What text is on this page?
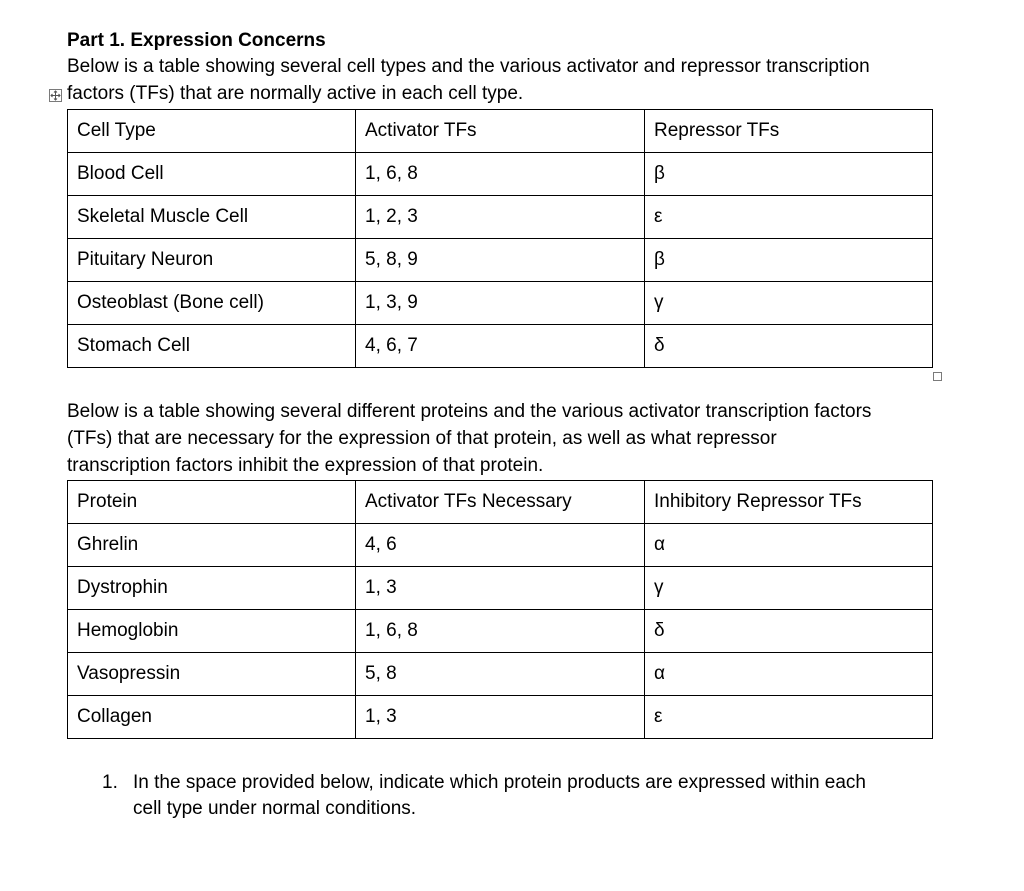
Part 1. Expression Concerns
Below is a table showing several cell types and the various activator and repressor transcription
factors (TFs) that are normally active in each cell type.
Cell Type	Activator TFs	Repressor TFs
Blood Cell	1, 6, 8	β
Skeletal Muscle Cell	1, 2, 3	ε
Pituitary Neuron	5, 8, 9	β
Osteoblast (Bone cell)	1, 3, 9	γ
Stomach Cell	4, 6, 7	δ
Below is a table showing several different proteins and the various activator transcription factors
(TFs) that are necessary for the expression of that protein, as well as what repressor
transcription factors inhibit the expression of that protein.
Protein	Activator TFs Necessary	Inhibitory Repressor TFs
Ghrelin	4, 6	α
Dystrophin	1, 3	γ
Hemoglobin	1, 6, 8	δ
Vasopressin	5, 8	α
Collagen	1, 3	ε
1. In the space provided below, indicate which protein products are expressed within each
cell type under normal conditions.
